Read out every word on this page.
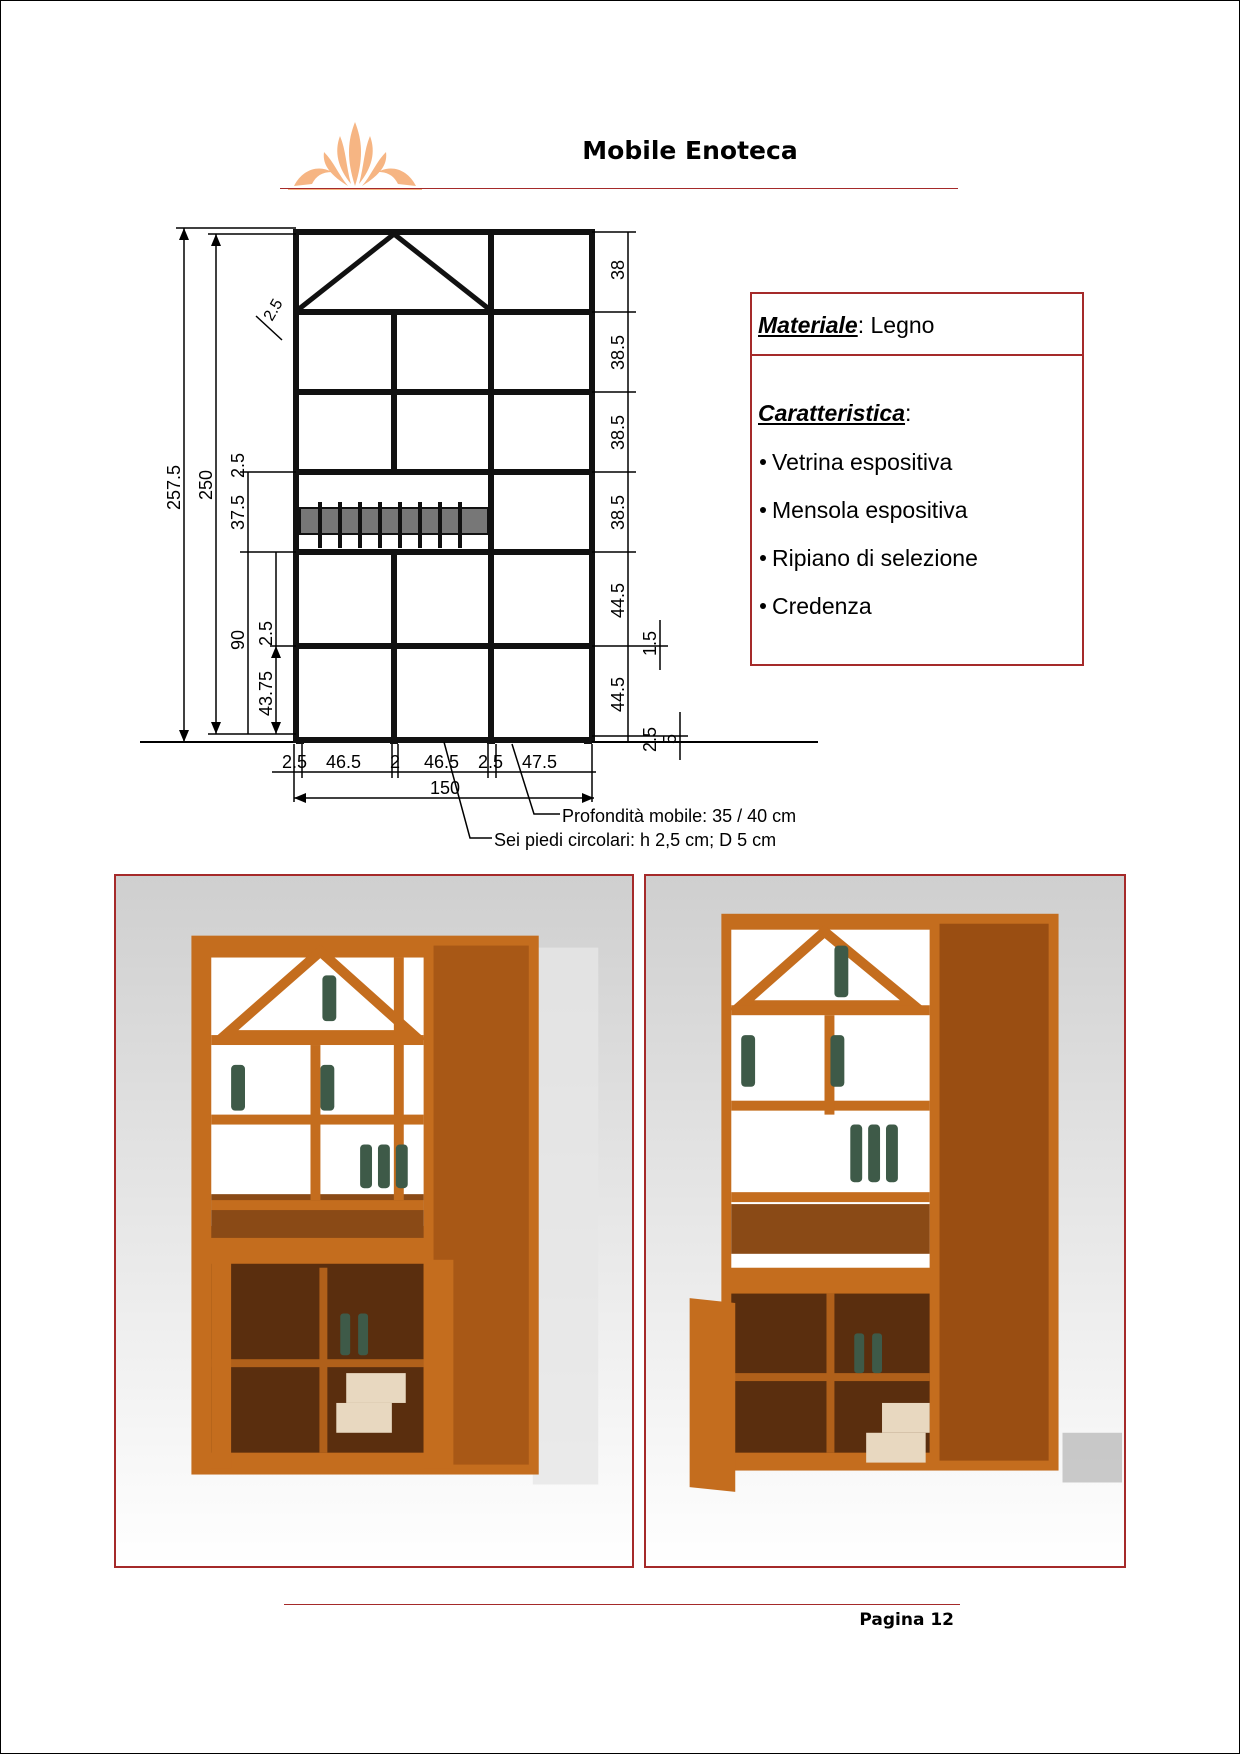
Mobile Enoteca
257.5 250
37.5
2.5
90 2.5
43.75
2.5
38
38.5
38.5
38.5
44.5
1.5
44.5
2.5 5
2.5 46.5 2 46.5 2.5 47.5
150
Profondità mobile: 35 / 40 cm
Sei piedi circolari: h 2,5 cm; D 5 cm
Materiale: Legno
Caratteristica:
Vetrina espositiva
Mensola espositiva
Ripiano di selezione
Credenza
Pagina 12
